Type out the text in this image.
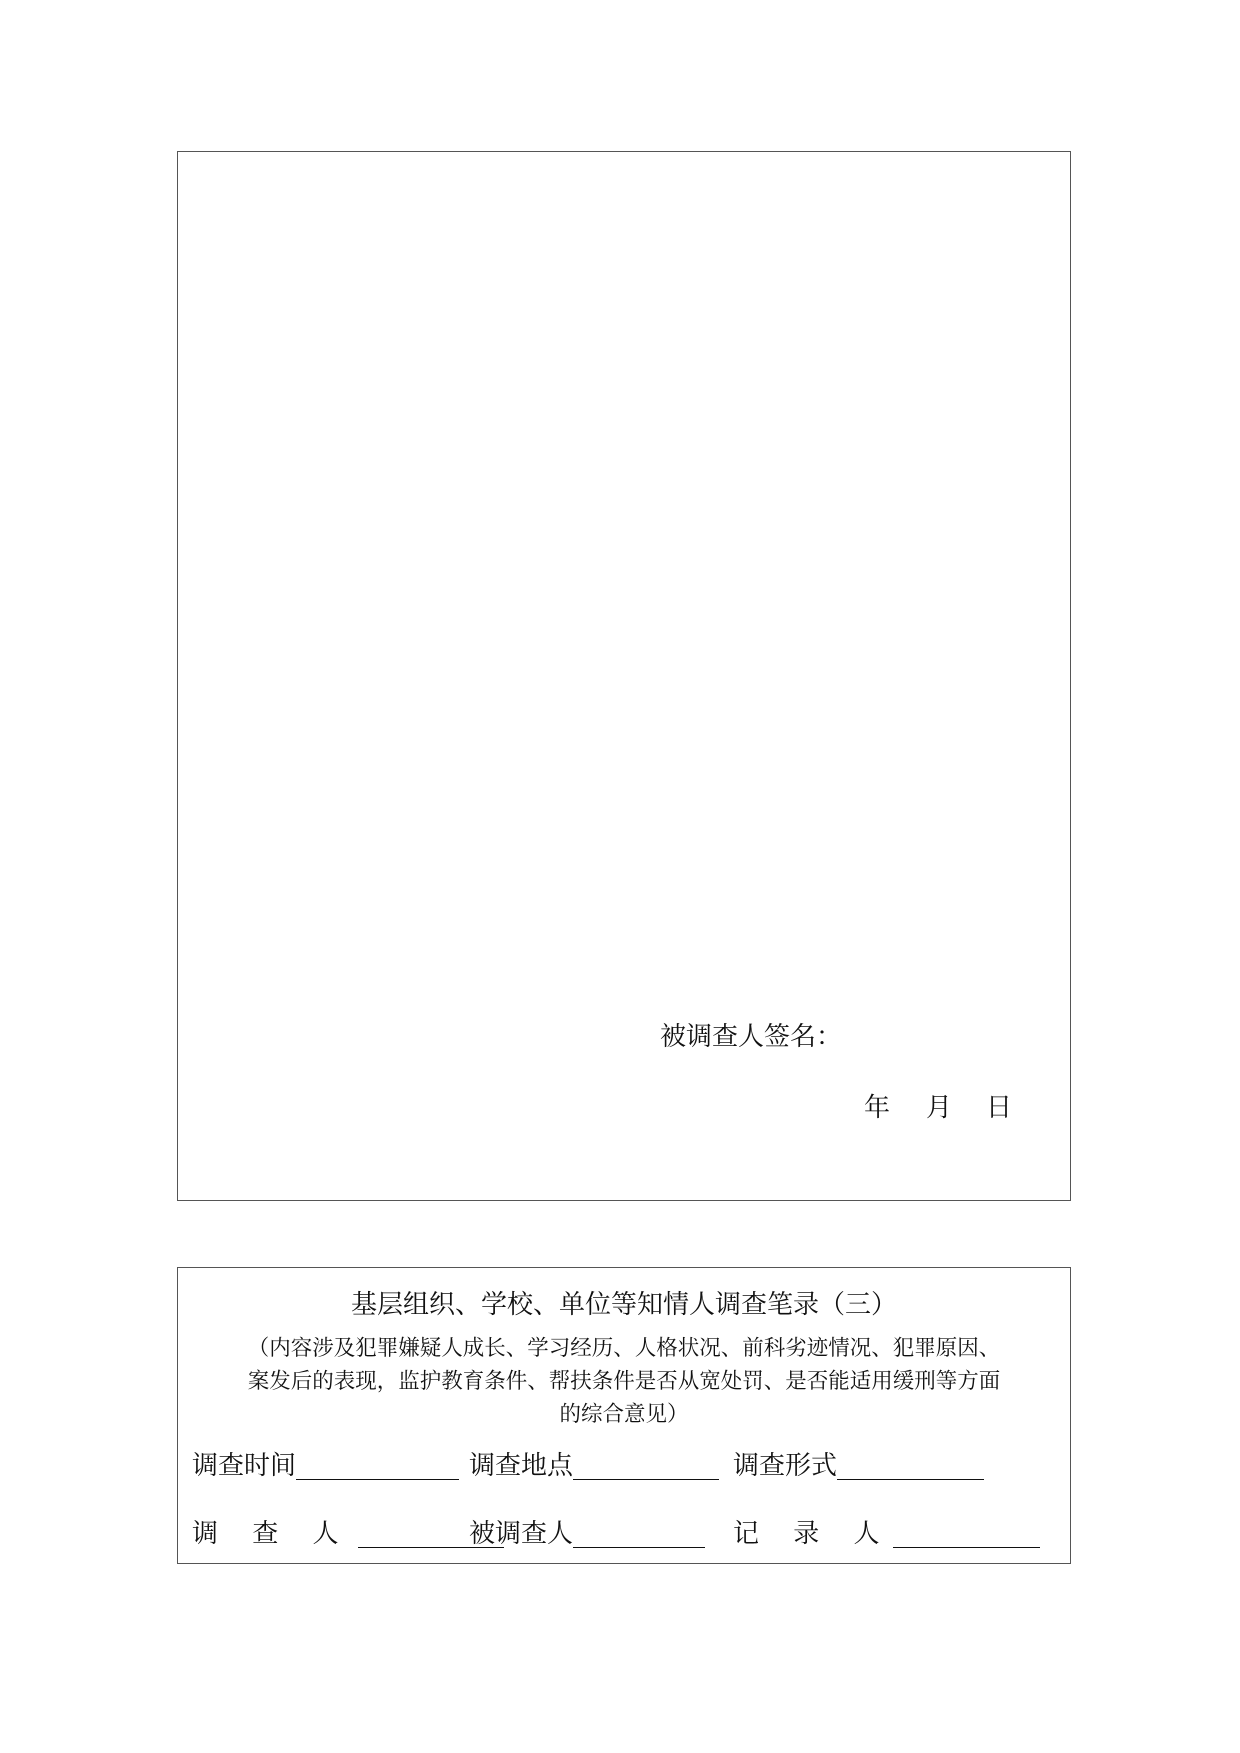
被调查人签名：
年 月 日
基层组织、学校、单位等知情人调查笔录（三）
（内容涉及犯罪嫌疑人成长、学习经历、人格状况、前科劣迹情况、犯罪原因、
案发后的表现，监护教育条件、帮扶条件是否从宽处罚、是否能适用缓刑等方面
的综合意见）
调查时间	调查地点	调查形式
调 查 人	被调查人	记 录 人
